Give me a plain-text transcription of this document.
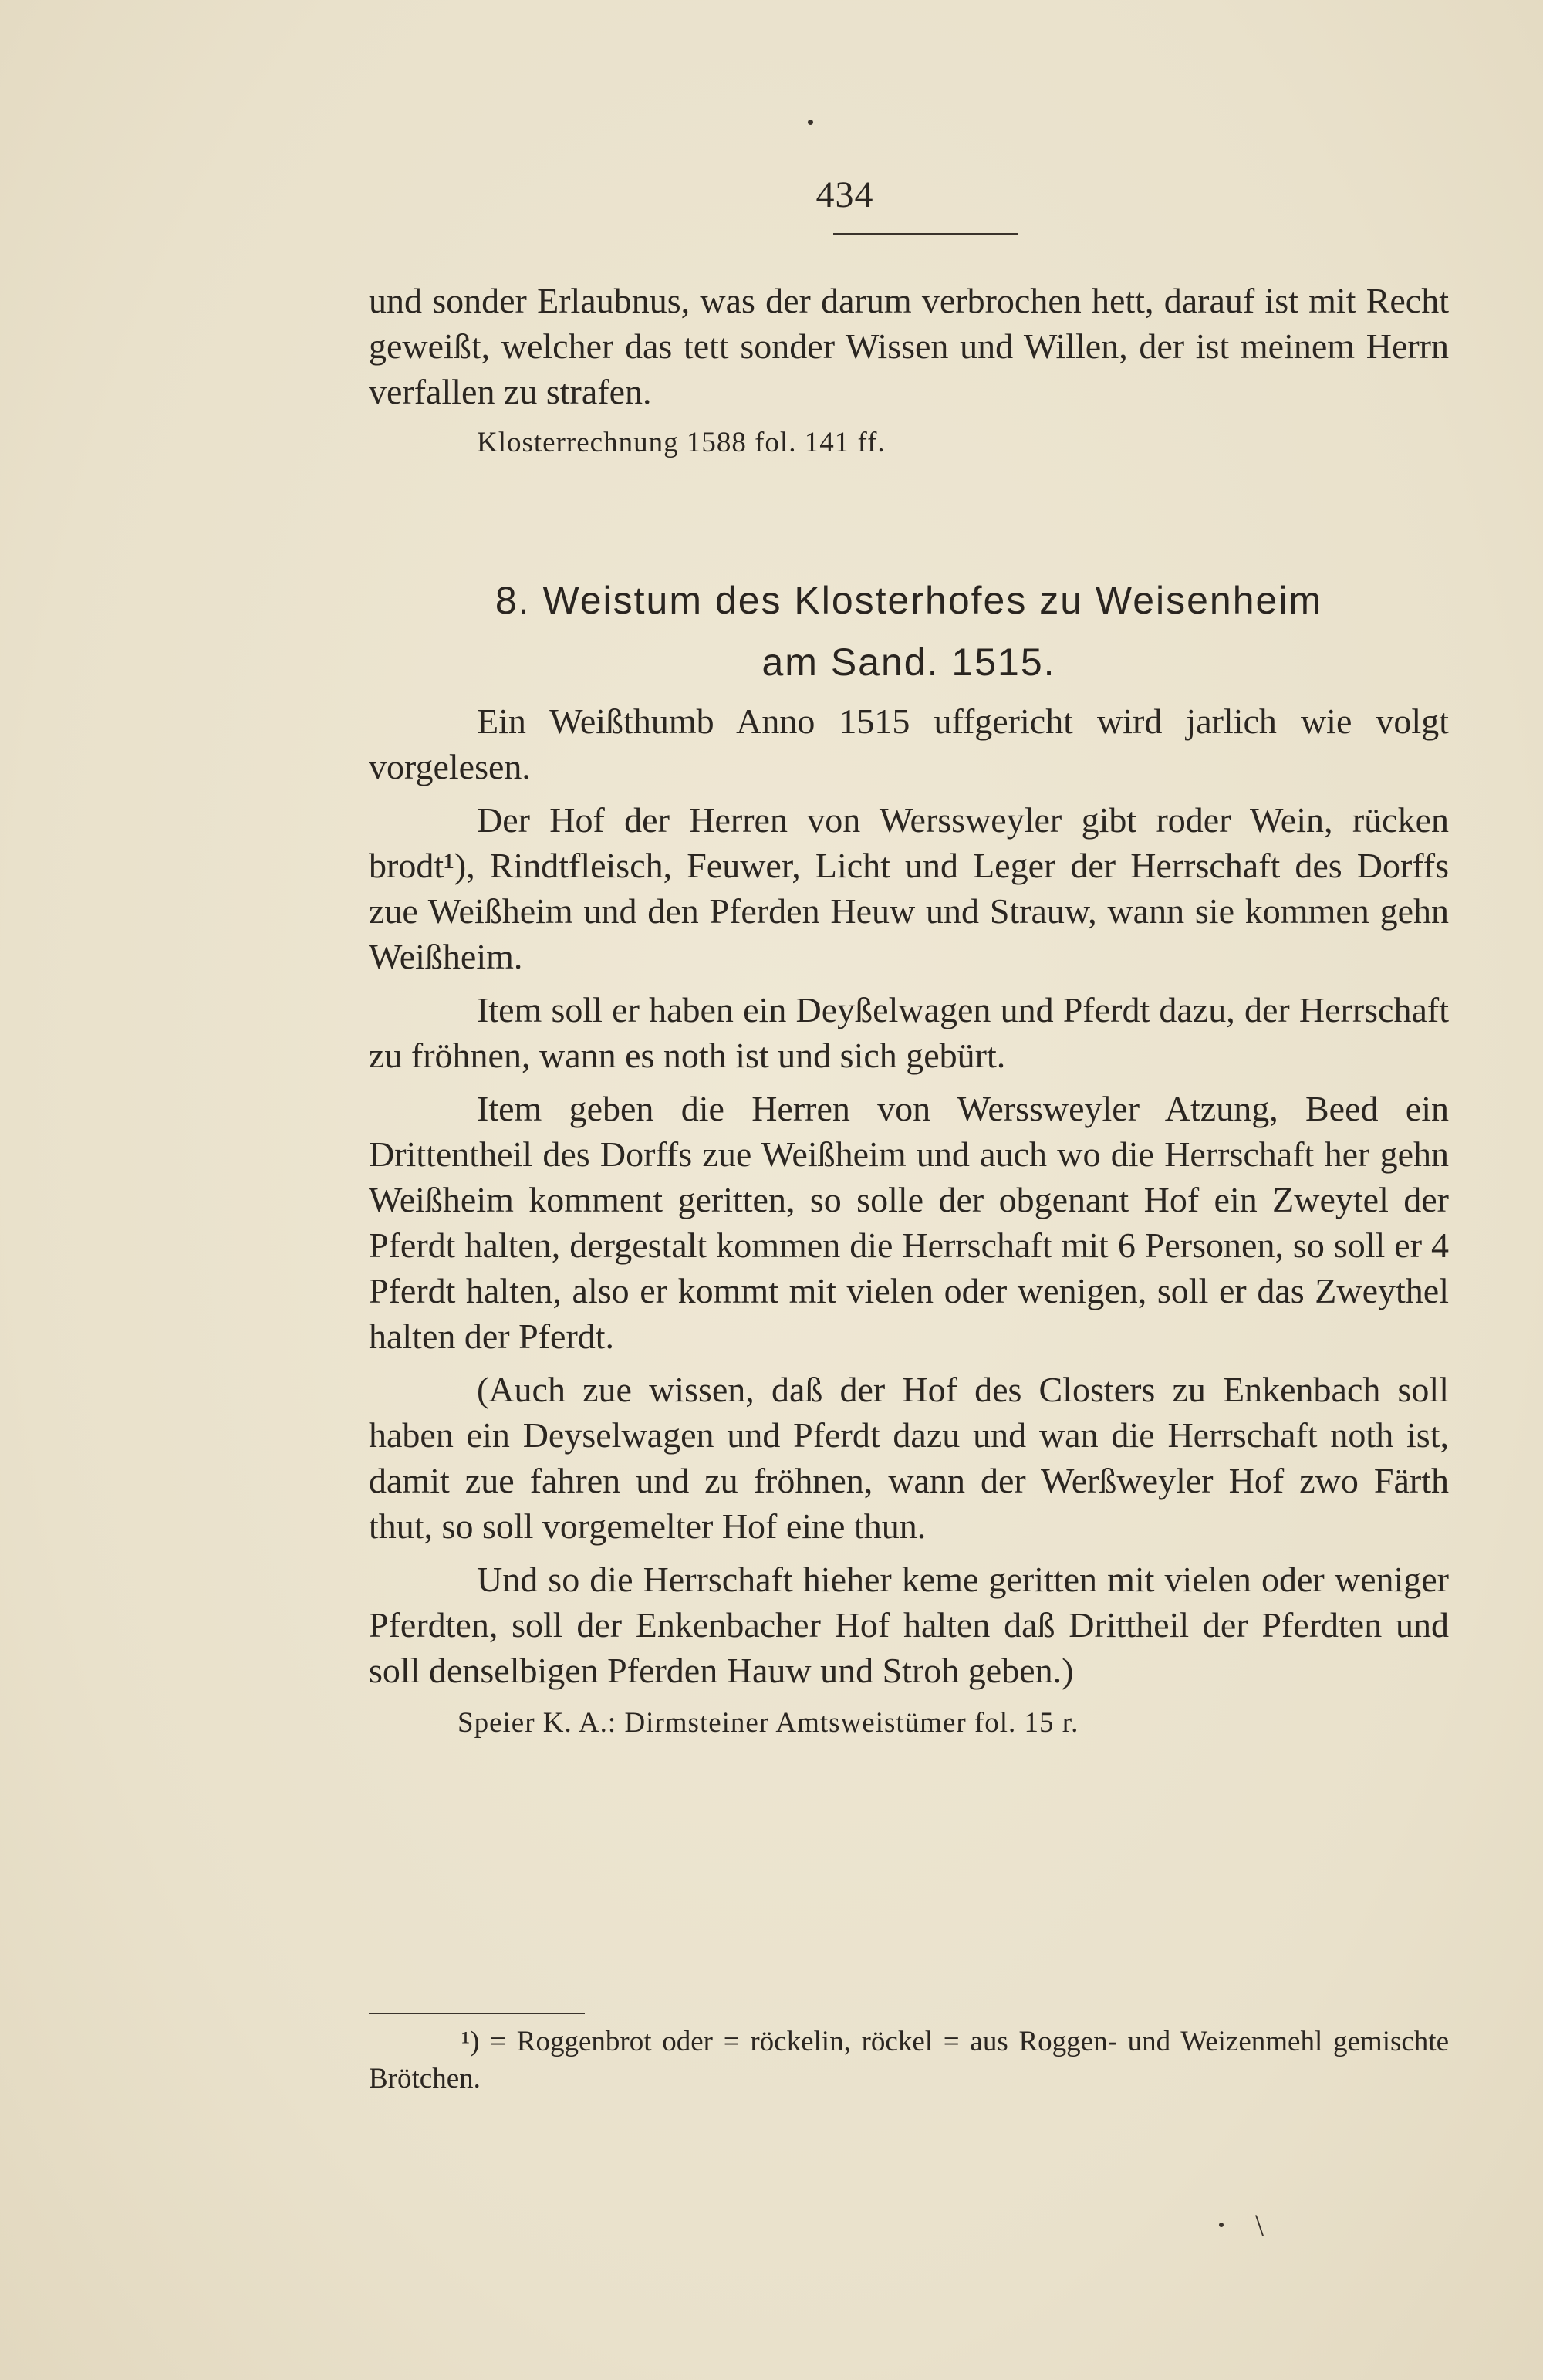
434

und sonder Erlaubnus, was der darum verbrochen hett, darauf ist mit Recht geweißt, welcher das tett sonder Wissen und Willen, der ist meinem Herrn verfallen zu strafen.

Klosterrechnung 1588 fol. 141 ff.

8. Weistum des Klosterhofes zu Weisenheim
am Sand. 1515.

Ein Weißthumb Anno 1515 uffgericht wird jarlich wie volgt vorgelesen.

Der Hof der Herren von Werssweyler gibt roder Wein, rücken brodt¹), Rindtfleisch, Feuwer, Licht und Leger der Herrschaft des Dorffs zue Weißheim und den Pferden Heuw und Strauw, wann sie kommen gehn Weißheim.

Item soll er haben ein Deyßelwagen und Pferdt dazu, der Herrschaft zu fröhnen, wann es noth ist und sich gebürt.

Item geben die Herren von Werssweyler Atzung, Beed ein Drittentheil des Dorffs zue Weißheim und auch wo die Herrschaft her gehn Weißheim komment geritten, so solle der obgenant Hof ein Zweytel der Pferdt halten, dergestalt kommen die Herrschaft mit 6 Personen, so soll er 4 Pferdt halten, also er kommt mit vielen oder wenigen, soll er das Zweythel halten der Pferdt.

(Auch zue wissen, daß der Hof des Closters zu Enkenbach soll haben ein Deyselwagen und Pferdt dazu und wan die Herrschaft noth ist, damit zue fahren und zu fröhnen, wann der Werßweyler Hof zwo Färth thut, so soll vorgemelter Hof eine thun.

Und so die Herrschaft hieher keme geritten mit vielen oder weniger Pferdten, soll der Enkenbacher Hof halten daß Drittheil der Pferdten und soll denselbigen Pferden Hauw und Stroh geben.)

Speier K. A.: Dirmsteiner Amtsweistümer fol. 15 r.

¹) = Roggenbrot oder = röckelin, röckel = aus Roggen- und Weizenmehl gemischte Brötchen.

\
